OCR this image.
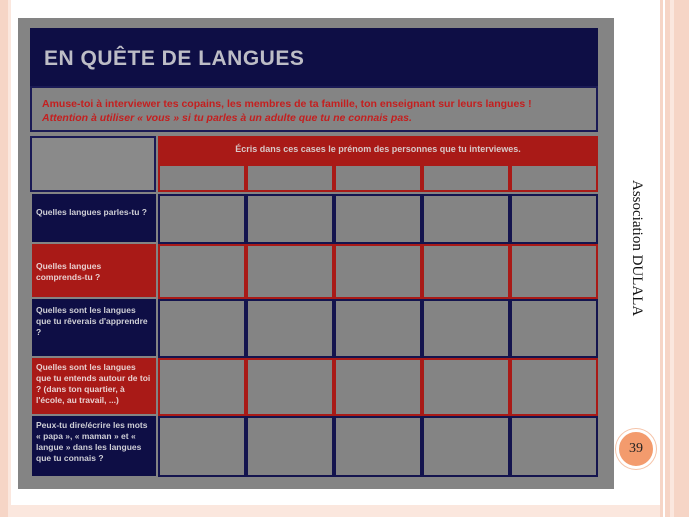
EN QUÊTE DE LANGUES
Amuse-toi à interviewer tes copains, les membres de ta famille, ton enseignant sur leurs langues !
Attention à utiliser « vous » si tu parles à un adulte que tu ne connais pas.
Écris dans ces cases le prénom des personnes que tu interviewes.
Quelles langues parles-tu ?
Quelles langues comprends-tu ?
Quelles sont les langues que tu rêverais d'apprendre ?
Quelles sont les langues que tu entends autour de toi ? (dans ton quartier, à l'école, au travail, ...)
Peux-tu dire/écrire les mots « papa », « maman » et « langue » dans les langues que tu connais ?
Association DULALA
39
